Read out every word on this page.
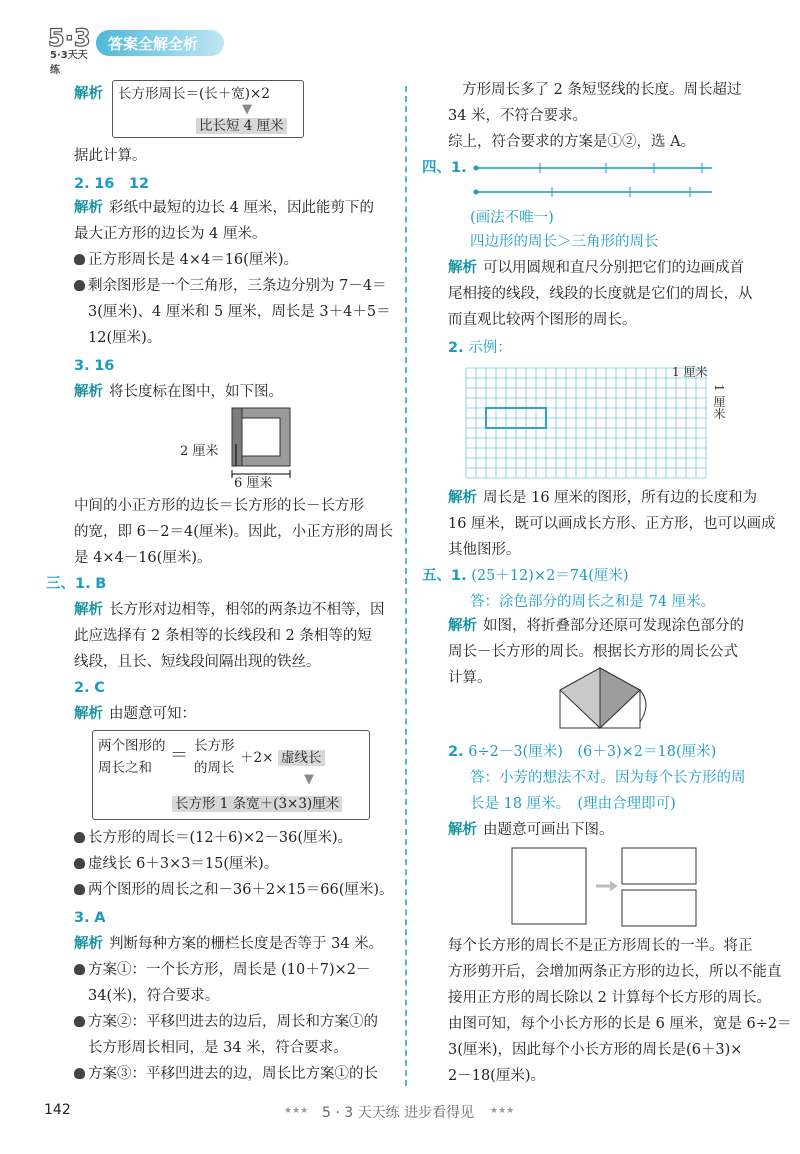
5·3
5·3天天练
答案全解全析
解析	长方形周长＝(长＋宽)×2
▼
比长短 4 厘米
据此计算。
2. 16　12
解析 彩纸中最短的边长 4 厘米，因此能剪下的
最大正方形的边长为 4 厘米。
正方形周长是 4×4＝16(厘米)。
剩余图形是一个三角形，三条边分别为 7－4＝
3(厘米)、4 厘米和 5 厘米，周长是 3＋4＋5＝
12(厘米)。
3. 16
解析 将长度标在图中，如下图。
2 厘米
6 厘米
中间的小正方形的边长＝长方形的长－长方形
的宽，即 6－2＝4(厘米)。因此，小正方形的周长
是 4×4－16(厘米)。
三、1. B
解析 长方形对边相等，相邻的两条边不相等，因
此应选择有 2 条相等的长线段和 2 条相等的短
线段，且长、短线段间隔出现的铁丝。
2. C
解析 由题意可知：
两个图形的
周长之和
＝ 长方形
的周长
＋2× 虚线长
▼
长方形 1 条宽＋(3×3)厘米
长方形的周长＝(12＋6)×2－36(厘米)。
虚线长 6＋3×3＝15(厘米)。
两个图形的周长之和－36＋2×15＝66(厘米)。
3. A
解析 判断每种方案的栅栏长度是否等于 34 米。
方案①：一个长方形，周长是 (10＋7)×2－
34(米)，符合要求。
方案②：平移凹进去的边后，周长和方案①的
长方形周长相同，是 34 米，符合要求。
方案③：平移凹进去的边，周长比方案①的长
方形周长多了 2 条短竖线的长度。周长超过
34 米，不符合要求。
综上，符合要求的方案是①②，选 A。
四、1.
(画法不唯一)
四边形的周长＞三角形的周长
解析 可以用圆规和直尺分别把它们的边画成首
尾相接的线段，线段的长度就是它们的周长，从
而直观比较两个图形的周长。
2. 示例：
1 厘米
1 厘米
解析 周长是 16 厘米的图形，所有边的长度和为
16 厘米，既可以画成长方形、正方形，也可以画成
其他图形。
五、1. (25＋12)×2＝74(厘米)
答：涂色部分的周长之和是 74 厘米。
解析 如图，将折叠部分还原可发现涂色部分的
周长－长方形的周长。根据长方形的周长公式
计算。
2. 6÷2－3(厘米)　(6＋3)×2＝18(厘米)
答：小芳的想法不对。因为每个长方形的周
长是 18 厘米。　(理由合理即可)
解析 由题意可画出下图。
每个长方形的周长不是正方形周长的一半。将正
方形剪开后，会增加两条正方形的边长，所以不能直
接用正方形的周长除以 2 计算每个长方形的周长。
由图可知，每个小长方形的长是 6 厘米，宽是 6÷2＝
3(厘米)，因此每个小长方形的周长是(6＋3)×
2－18(厘米)。
142	★★★ 5 · 3 天天练 进步看得见 ★★★
